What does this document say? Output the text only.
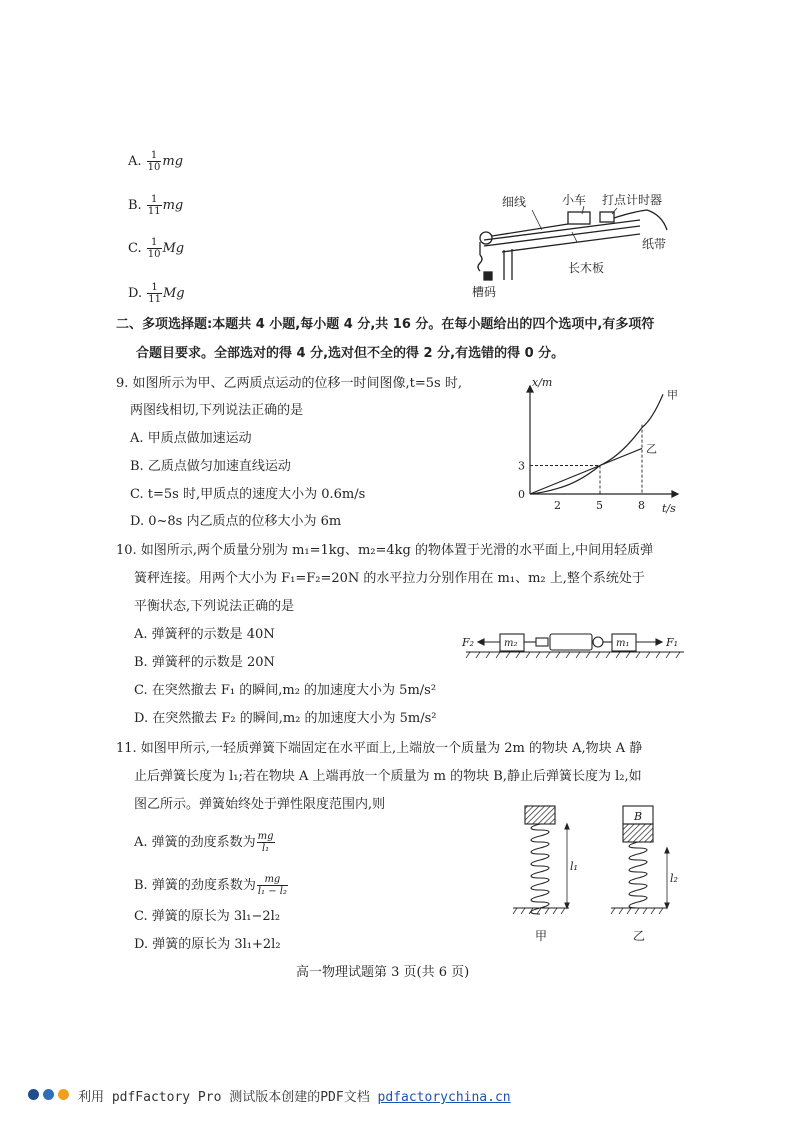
A. $\frac{1}{10}$ mg
B. $\frac{1}{11}$ mg
C. $\frac{1}{10}$ Mg
D. $\frac{1}{11}$ Mg
细线	小车 打点计时器
纸带
长木板
槽码
二、多项选择题:本题共 4 小题,每小题 4 分,共 16 分。在每小题给出的四个选项中,有多项符
合题目要求。全部选对的得 4 分,选对但不全的得 2 分,有选错的得 0 分。
9. 如图所示为甲、乙两质点运动的位移一时间图像,t=5s 时,
两图线相切,下列说法正确的是
A. 甲质点做加速运动
B. 乙质点做匀加速直线运动
C. t=5s 时,甲质点的速度大小为 0.6m/s
D. 0~8s 内乙质点的位移大小为 6m
2	5	8
3
0
x/m
t/s
甲
乙
10. 如图所示,两个质量分别为 m₁=1kg、m₂=4kg 的物体置于光滑的水平面上,中间用轻质弹
簧秤连接。用两个大小为 F₁=F₂=20N 的水平拉力分别作用在 m₁、m₂ 上,整个系统处于
平衡状态,下列说法正确的是
A. 弹簧秤的示数是 40N
B. 弹簧秤的示数是 20N
C. 在突然撤去 F₁ 的瞬间,m₂ 的加速度大小为 5m/s²
D. 在突然撤去 F₂ 的瞬间,m₂ 的加速度大小为 5m/s²
F₂	m₂	m₁	F₁
11. 如图甲所示,一轻质弹簧下端固定在水平面上,上端放一个质量为 2m 的物块 A,物块 A 静
止后弹簧长度为 l₁;若在物块 A 上端再放一个质量为 m 的物块 B,静止后弹簧长度为 l₂,如
图乙所示。弹簧始终处于弹性限度范围内,则
A. 弹簧的劲度系数为 $\frac{mg}{\text{l₁}}$
B. 弹簧的劲度系数为 $\frac{mg}{\text{l₁ − l₂}}$
C. 弹簧的原长为 3l₁−2l₂
D. 弹簧的原长为 3l₁+2l₂
B
l₁
l₂
甲	乙
高一物理试题第 3 页(共 6 页)
利用 pdfFactory Pro 测试版本创建的PDF文档 pdfactorychina.cn
